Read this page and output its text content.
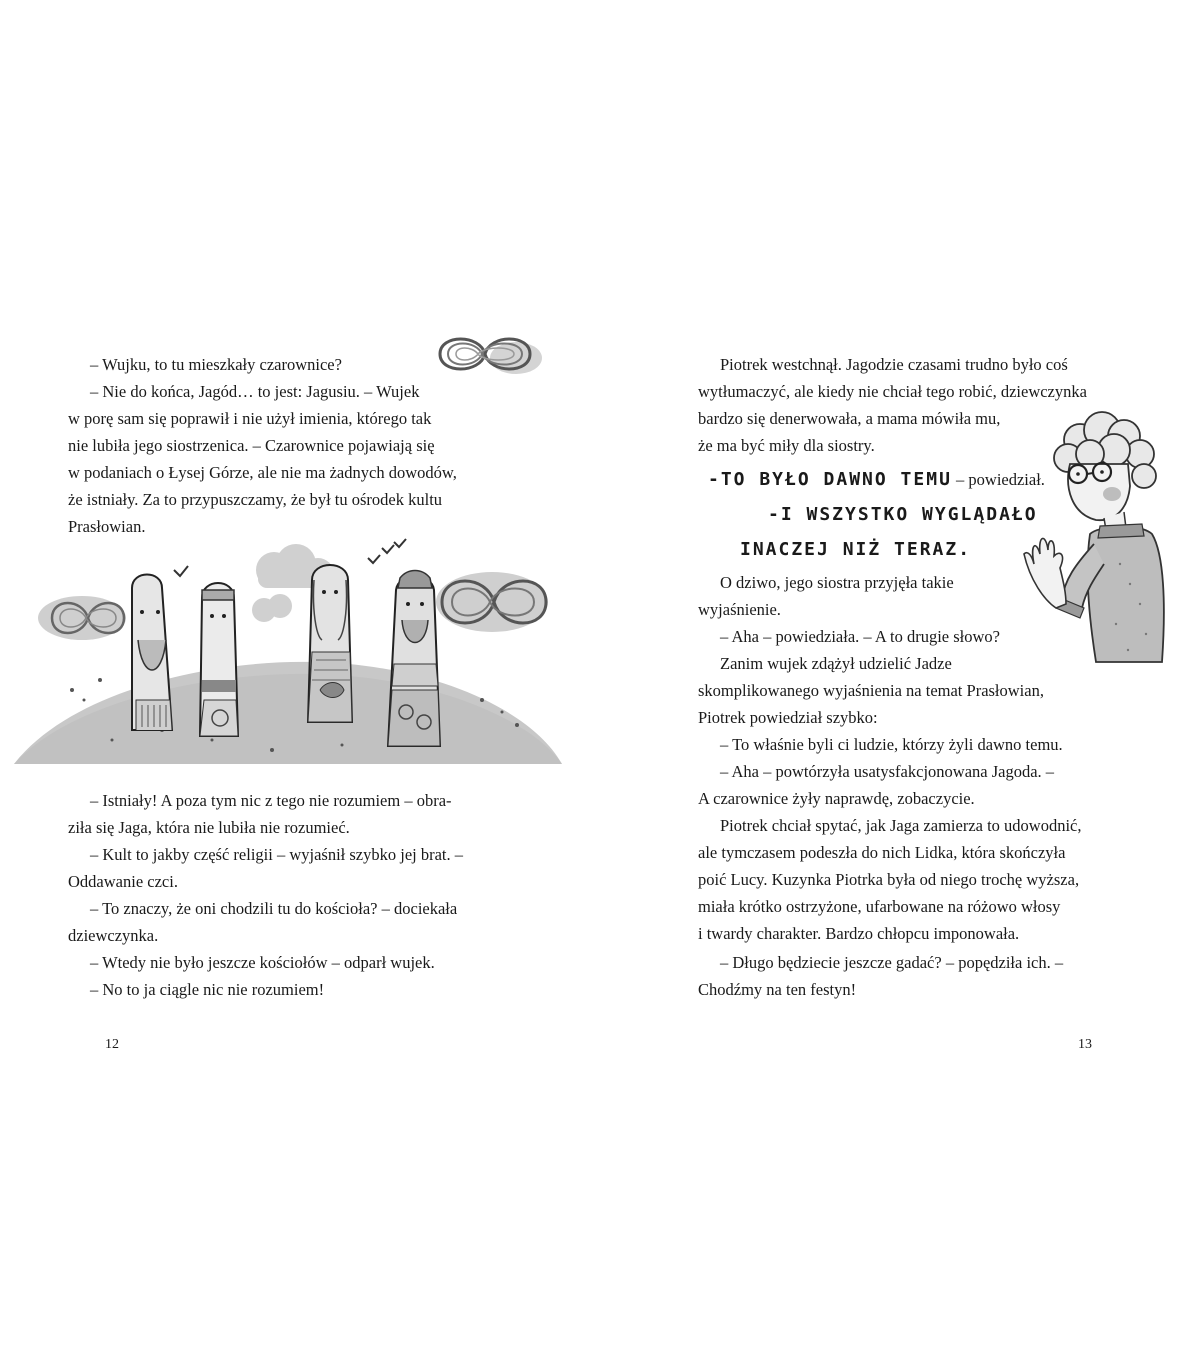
– Wujku, to tu mieszkały czarownice?
– Nie do końca, Jagód… to jest: Jagusiu. – Wujek
w porę sam się poprawił i nie użył imienia, którego tak
nie lubiła jego siostrzenica. – Czarownice pojawiają się
w podaniach o Łysej Górze, ale nie ma żadnych dowodów,
że istniały. Za to przypuszczamy, że był tu ośrodek kultu
Prasłowian.
– Istniały! A poza tym nic z tego nie rozumiem – obra-
ziła się Jaga, która nie lubiła nie rozumieć.
– Kult to jakby część religii – wyjaśnił szybko jej brat. –
Oddawanie czci.
– To znaczy, że oni chodzili tu do kościoła? – dociekała
dziewczynka.
– Wtedy nie było jeszcze kościołów – odparł wujek.
– No to ja ciągle nic nie rozumiem!
12
Piotrek westchnął. Jagodzie czasami trudno było coś
wytłumaczyć, ale kiedy nie chciał tego robić, dziewczynka
bardzo się denerwowała, a mama mówiła mu,
że ma być miły dla siostry.
-TO BYŁO DAWNO TEMU – powiedział.
-I WSZYSTKO WYGLĄDAŁO
INACZEJ NIŻ TERAZ.
O dziwo, jego siostra przyjęła takie
wyjaśnienie.
– Aha – powiedziała. – A to drugie słowo?
Zanim wujek zdążył udzielić Jadze
skomplikowanego wyjaśnienia na temat Prasłowian,
Piotrek powiedział szybko:
– To właśnie byli ci ludzie, którzy żyli dawno temu.
– Aha – powtórzyła usatysfakcjonowana Jagoda. –
A czarownice żyły naprawdę, zobaczycie.
Piotrek chciał spytać, jak Jaga zamierza to udowodnić,
ale tymczasem podeszła do nich Lidka, która skończyła
poić Lucy. Kuzynka Piotrka była od niego trochę wyższa,
miała krótko ostrzyżone, ufarbowane na różowo włosy
i twardy charakter. Bardzo chłopcu imponowała.
– Długo będziecie jeszcze gadać? – popędziła ich. –
Chodźmy na ten festyn!
13
